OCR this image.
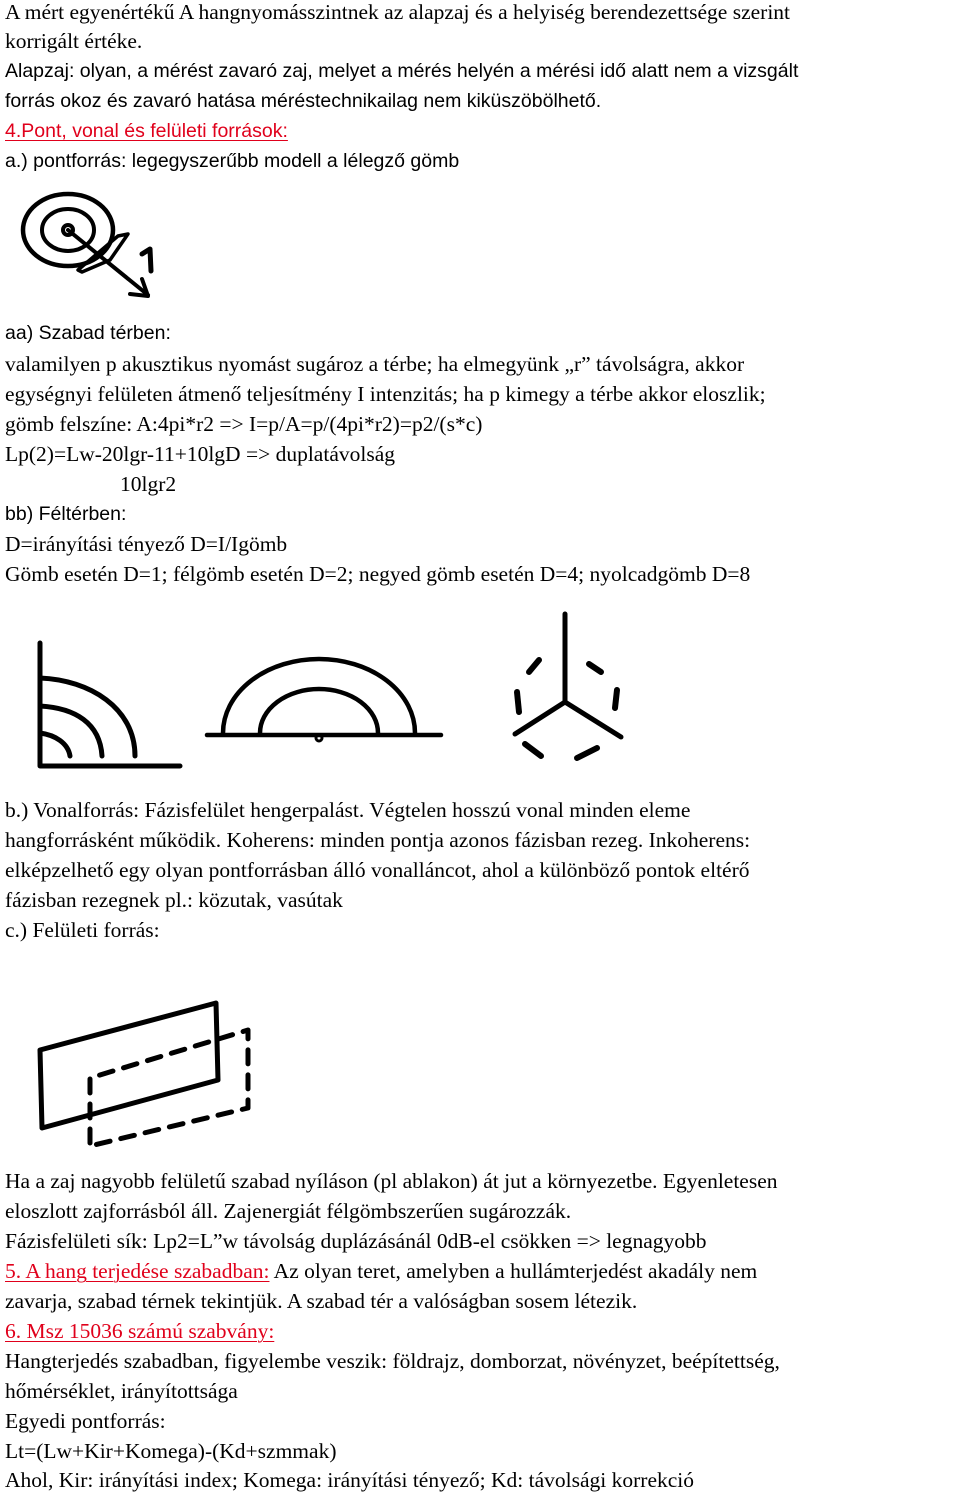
A mért egyenértékű A hangnyomásszintnek az alapzaj és a helyiség berendezettsége szerint
korrigált értéke.
Alapzaj: olyan, a mérést zavaró zaj, melyet a mérés helyén a mérési idő alatt nem a vizsgált
forrás okoz és zavaró hatása méréstechnikailag nem kiküszöbölhető.
4.Pont, vonal és felületi források:
a.) pontforrás: legegyszerűbb modell a lélegző gömb
aa) Szabad térben:
valamilyen p akusztikus nyomást sugároz a térbe; ha elmegyünk „r” távolságra, akkor
egységnyi felületen átmenő teljesítmény I intenzitás; ha p kimegy a térbe akkor eloszlik;
gömb felszíne: A:4pi*r2 => I=p/A=p/(4pi*r2)=p2/(s*c)
Lp(2)=Lw-20lgr-11+10lgD => duplatávolság
10lgr2
bb) Féltérben:
D=irányítási tényező D=I/Igömb
Gömb esetén D=1; félgömb esetén D=2; negyed gömb esetén D=4; nyolcadgömb D=8
b.) Vonalforrás: Fázisfelület hengerpalást. Végtelen hosszú vonal minden eleme
hangforrásként működik. Koherens: minden pontja azonos fázisban rezeg. Inkoherens:
elképzelhető egy olyan pontforrásban álló vonalláncot, ahol a különböző pontok eltérő
fázisban rezegnek pl.: közutak, vasútak
c.) Felületi forrás:
Ha a zaj nagyobb felületű szabad nyíláson (pl ablakon) át jut a környezetbe. Egyenletesen
eloszlott zajforrásból áll. Zajenergiát félgömbszerűen sugározzák.
Fázisfelületi sík: Lp2=L”w távolság duplázásánál 0dB-el csökken => legnagyobb
5. A hang terjedése szabadban: Az olyan teret, amelyben a hullámterjedést akadály nem
zavarja, szabad térnek tekintjük. A szabad tér a valóságban sosem létezik.
6. Msz 15036 számú szabvány:
Hangterjedés szabadban, figyelembe veszik: földrajz, domborzat, növényzet, beépítettség,
hőmérséklet, irányítottsága
Egyedi pontforrás:
Lt=(Lw+Kir+Komega)-(Kd+szmmak)
Ahol, Kir: irányítási index; Komega: irányítási tényező; Kd: távolsági korrekció
